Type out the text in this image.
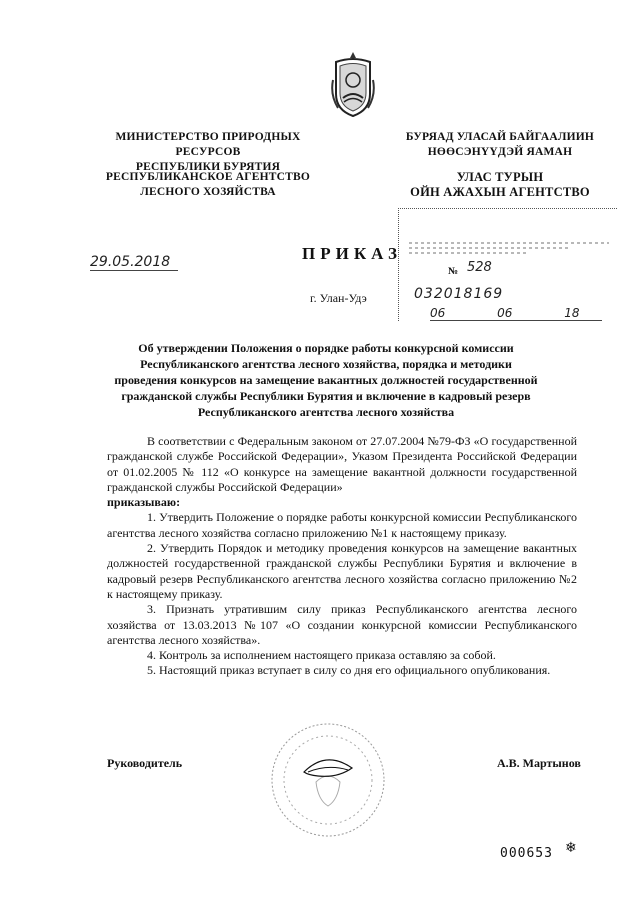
МИНИСТЕРСТВО ПРИРОДНЫХ РЕСУРСОВ
РЕСПУБЛИКИ БУРЯТИЯ
РЕСПУБЛИКАНСКОЕ АГЕНТСТВО
ЛЕСНОГО ХОЗЯЙСТВА
БУРЯАД УЛАСАЙ БАЙГААЛИИН
НӨӨСЭНҮҮДЭЙ ЯАМАН
УЛАС ТУРЫН
ОЙН АЖАХЫН АГЕНТСТВО
ПРИКАЗ
29.05.2018
№ 528
г. Улан-Удэ	032018169
06	06	18
Об утверждении Положения о порядке работы конкурсной комиссии
Республиканского агентства лесного хозяйства, порядка и методики
проведения конкурсов на замещение вакантных должностей государственной
гражданской службы Республики Бурятия и включение в кадровый резерв
Республиканского агентства лесного хозяйства

В соответствии с Федеральным законом от 27.07.2004 №79-ФЗ «О государственной гражданской службе Российской Федерации», Указом Президента Российской Федерации от 01.02.2005 № 112 «О конкурсе на замещение вакантной должности государственной гражданской службы Российской Федерации»

приказываю:

1. Утвердить Положение о порядке работы конкурсной комиссии Республиканского агентства лесного хозяйства согласно приложению №1 к настоящему приказу.

2. Утвердить Порядок и методику проведения конкурсов на замещение вакантных должностей государственной гражданской службы Республики Бурятия и включение в кадровый резерв Республиканского агентства лесного хозяйства согласно приложению №2 к настоящему приказу.

3. Признать утратившим силу приказ Республиканского агентства лесного хозяйства от 13.03.2013 №107 «О создании конкурсной комиссии Республиканского агентства лесного хозяйства».

4. Контроль за исполнением настоящего приказа оставляю за собой.

5. Настоящий приказ вступает в силу со дня его официального опубликования.

Руководитель	А.В. Мартынов
000653 ❄
